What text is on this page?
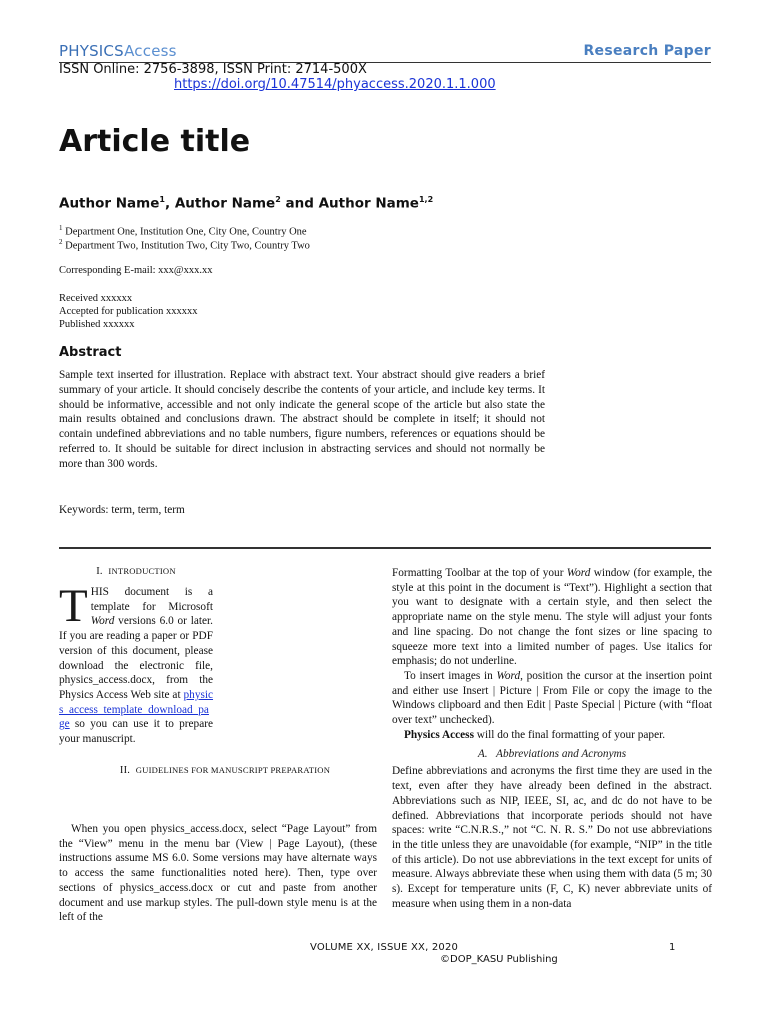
PHYSICSAccess	Research Paper
ISSN Online: 2756-3898, ISSN Print: 2714-500X
https://doi.org/10.47514/phyaccess.2020.1.1.000
Article title
Author Name$^1$, Author Name$^2$ and Author Name$^{1,2}$
$^1$ Department One, Institution One, City One, Country One
$^2$ Department Two, Institution Two, City Two, Country Two
Corresponding E-mail: xxx@xxx.xx
Received xxxxxx
Accepted for publication xxxxxx
Published xxxxxx
Abstract
Sample text inserted for illustration. Replace with abstract text. Your abstract should give readers a brief summary of your article. It should concisely describe the contents of your article, and include key terms. It should be informative, accessible and not only indicate the general scope of the article but also state the main results obtained and conclusions drawn. The abstract should be complete in itself; it should not contain undefined abbreviations and no table numbers, figure numbers, references or equations should be referred to. It should be suitable for direct inclusion in abstracting services and should not normally be more than 300 words.
Keywords: term, term, term
I. INTRODUCTION
T HIS document is a template for Microsoft Word versions 6.0 or later. If you are reading a paper or PDF version of this document, please download the electronic file, physics_access.docx, from the Physics Access Web site at physics_access_template_download_page so you can use it to prepare your manuscript.
II. GUIDELINES FOR MANUSCRIPT PREPARATION
When you open physics_access.docx, select “Page Layout” from the “View” menu in the menu bar (View | Page Layout), (these instructions assume MS 6.0. Some versions may have alternate ways to access the same functionalities noted here). Then, type over sections of physics_access.docx or cut and paste from another document and use markup styles. The pull-down style menu is at the left of the
Formatting Toolbar at the top of your Word window (for example, the style at this point in the document is “Text”). Highlight a section that you want to designate with a certain style, and then select the appropriate name on the style menu. The style will adjust your fonts and line spacing. Do not change the font sizes or line spacing to squeeze more text into a limited number of pages. Use italics for emphasis; do not underline.
To insert images in Word, position the cursor at the insertion point and either use Insert | Picture | From File or copy the image to the Windows clipboard and then Edit | Paste Special | Picture (with “float over text” unchecked).
Physics Access will do the final formatting of your paper.
A. Abbreviations and Acronyms
Define abbreviations and acronyms the first time they are used in the text, even after they have already been defined in the abstract. Abbreviations such as NIP, IEEE, SI, ac, and dc do not have to be defined. Abbreviations that incorporate periods should not have spaces: write “C.N.R.S.,” not “C. N. R. S.” Do not use abbreviations in the title unless they are unavoidable (for example, “NIP” in the title of this article). Do not use abbreviations in the text except for units of measure. Always abbreviate these when using them with data (5 m; 30 s). Except for temperature units (F, C, K) never abbreviate units of measure when using them in a non-data
VOLUME XX, ISSUE XX, 2020	1
©DOP_KASU Publishing
